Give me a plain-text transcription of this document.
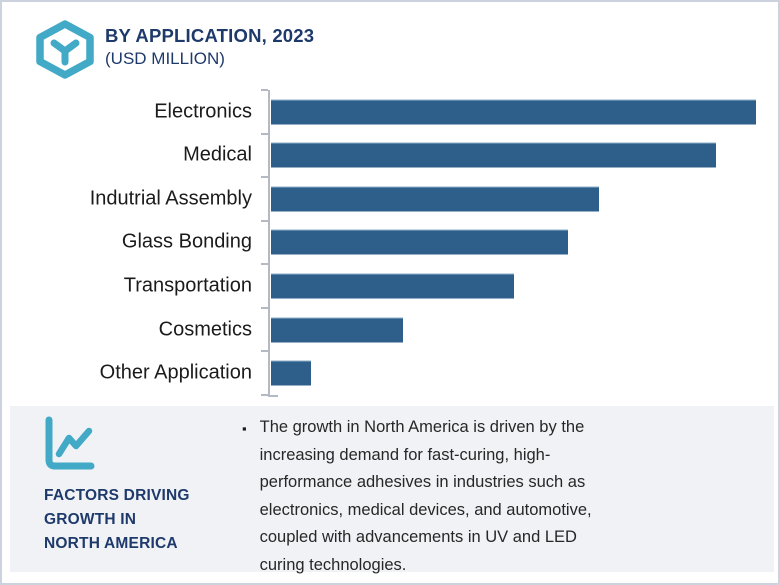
BY APPLICATION, 2023
(USD MILLION)
Electronics
Medical
Indutrial Assembly
Glass Bonding
Transportation
Cosmetics
Other Application
FACTORS DRIVING
GROWTH IN
NORTH AMERICA
▪ The growth in North America is driven by the
increasing demand for fast-curing, high-
performance adhesives in industries such as
electronics, medical devices, and automotive,
coupled with advancements in UV and LED
curing technologies.
